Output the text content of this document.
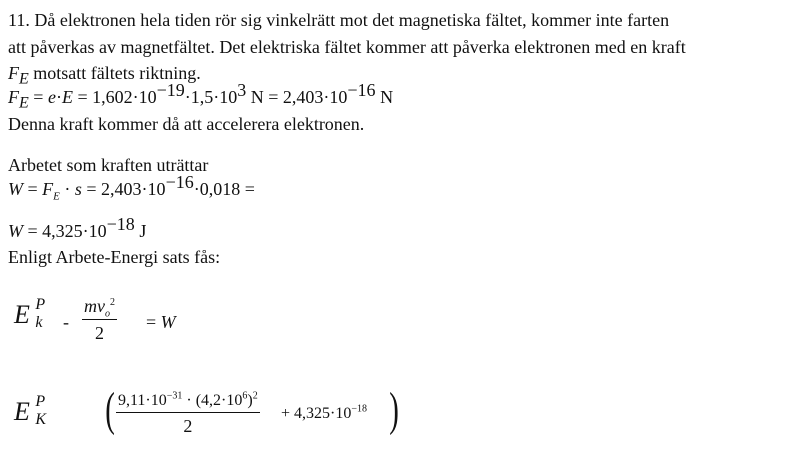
11. Då elektronen hela tiden rör sig vinkelrätt mot det magnetiska fältet, kommer inte farten
att påverkas av magnetfältet. Det elektriska fältet kommer att påverka elektronen med en kraft
$F_E$ motsatt fältets riktning.
$F_E = e\cdot E = 1,602\cdot 10^{-19}\cdot 1,5\cdot 10^3$ $N = 2,403\cdot 10^{-16}$ N
Denna kraft kommer då att accelerera elektronen.
Arbetet som kraften uträttar
$W = F_E \cdot s = 2,403\cdot 10^{-16}\cdot 0,018$ =
$W = 4,325\cdot 10^{-18}$ J
Enligt Arbete-Energi sats fås:
E P
$k - \frac{mv_o^2}{2} = W$
E P
K ( $\frac{9,11\cdot 10^{-31} \cdot (4,2\cdot 10^6)^2}{2} + 4,325\cdot 10^{-18}$ )
